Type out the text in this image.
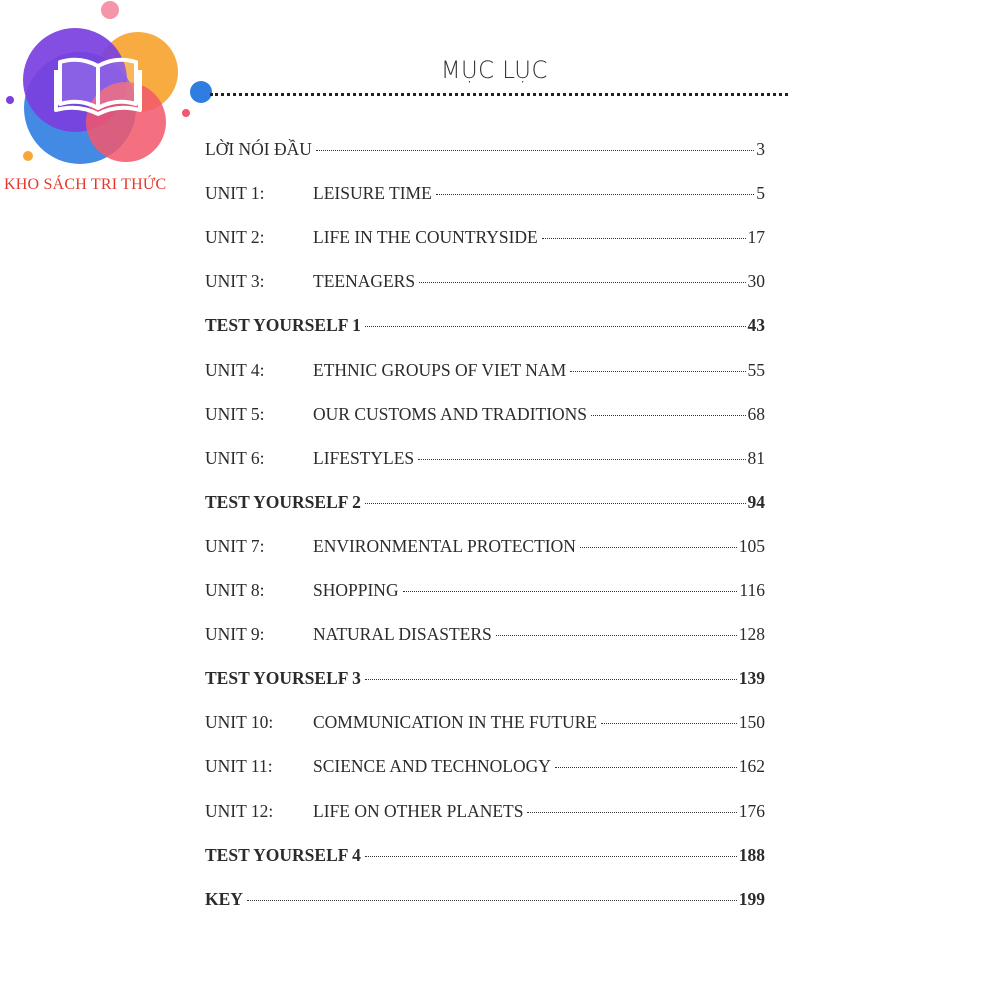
KHO SÁCH TRI THỨC
MỤC LỤC
LỜI NÓI ĐẦU	3
UNIT 1:	LEISURE TIME	5
UNIT 2:	LIFE IN THE COUNTRYSIDE	17
UNIT 3:	TEENAGERS	30
TEST YOURSELF 1	43
UNIT 4:	ETHNIC GROUPS OF VIET NAM	55
UNIT 5:	OUR CUSTOMS AND TRADITIONS	68
UNIT 6:	LIFESTYLES	81
TEST YOURSELF 2	94
UNIT 7:	ENVIRONMENTAL PROTECTION	105
UNIT 8:	SHOPPING	116
UNIT 9:	NATURAL DISASTERS	128
TEST YOURSELF 3	139
UNIT 10:	COMMUNICATION IN THE FUTURE	150
UNIT 11:	SCIENCE AND TECHNOLOGY	162
UNIT 12:	LIFE ON OTHER PLANETS	176
TEST YOURSELF 4	188
KEY	199
